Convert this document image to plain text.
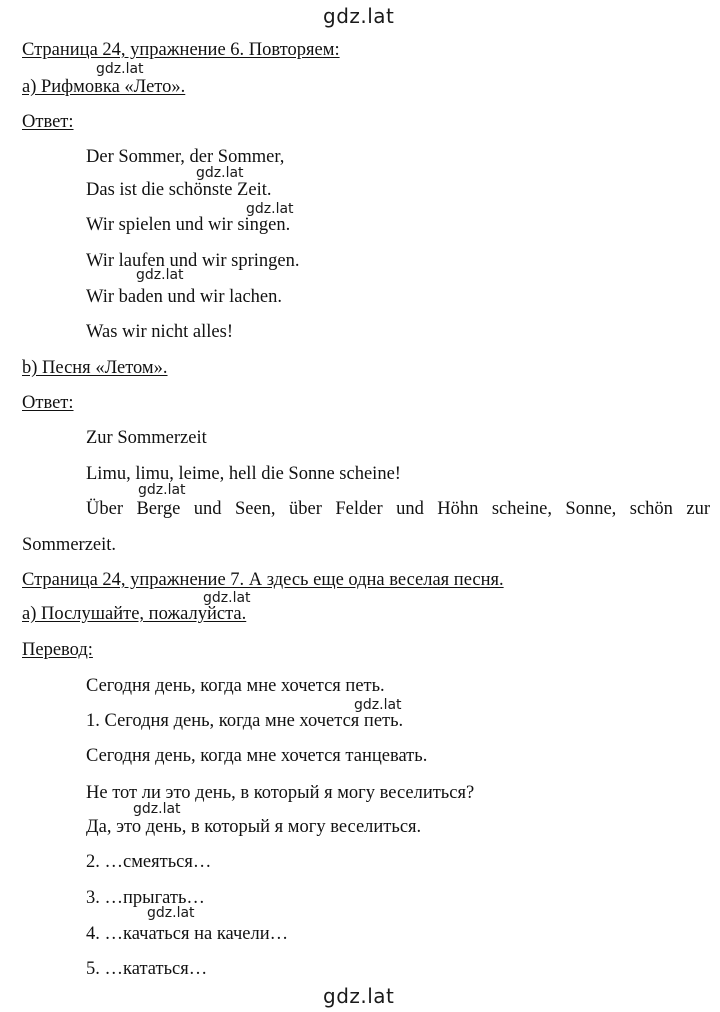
gdz.lat
Страница 24, упражнение 6. Повторяем:
а) Рифмовка «Лето».
Ответ:
Der Sommer, der Sommer,
Das ist die schönste Zeit.
Wir spielen und wir singen.
Wir laufen und wir springen.
Wir baden und wir lachen.
Was wir nicht alles!
b) Песня «Летом».
Ответ:
Zur Sommerzeit
Limu, limu, leime, hell die Sonne scheine!
Über Berge und Seen, über Felder und Höhn scheine, Sonne, schön zur
Sommerzeit.
Страница 24, упражнение 7. А здесь еще одна веселая песня.
а) Послушайте, пожалуйста.
Перевод:
Сегодня день, когда мне хочется петь.
1. Сегодня день, когда мне хочется петь.
Сегодня день, когда мне хочется танцевать.
Не тот ли это день, в который я могу веселиться?
Да, это день, в который я могу веселиться.
2. …смеяться…
3. …прыгать…
4. …качаться на качели…
5. …кататься…
gdz.lat
gdz.lat
gdz.lat
gdz.lat
gdz.lat
gdz.lat
gdz.lat
gdz.lat
gdz.lat
gdz.lat
